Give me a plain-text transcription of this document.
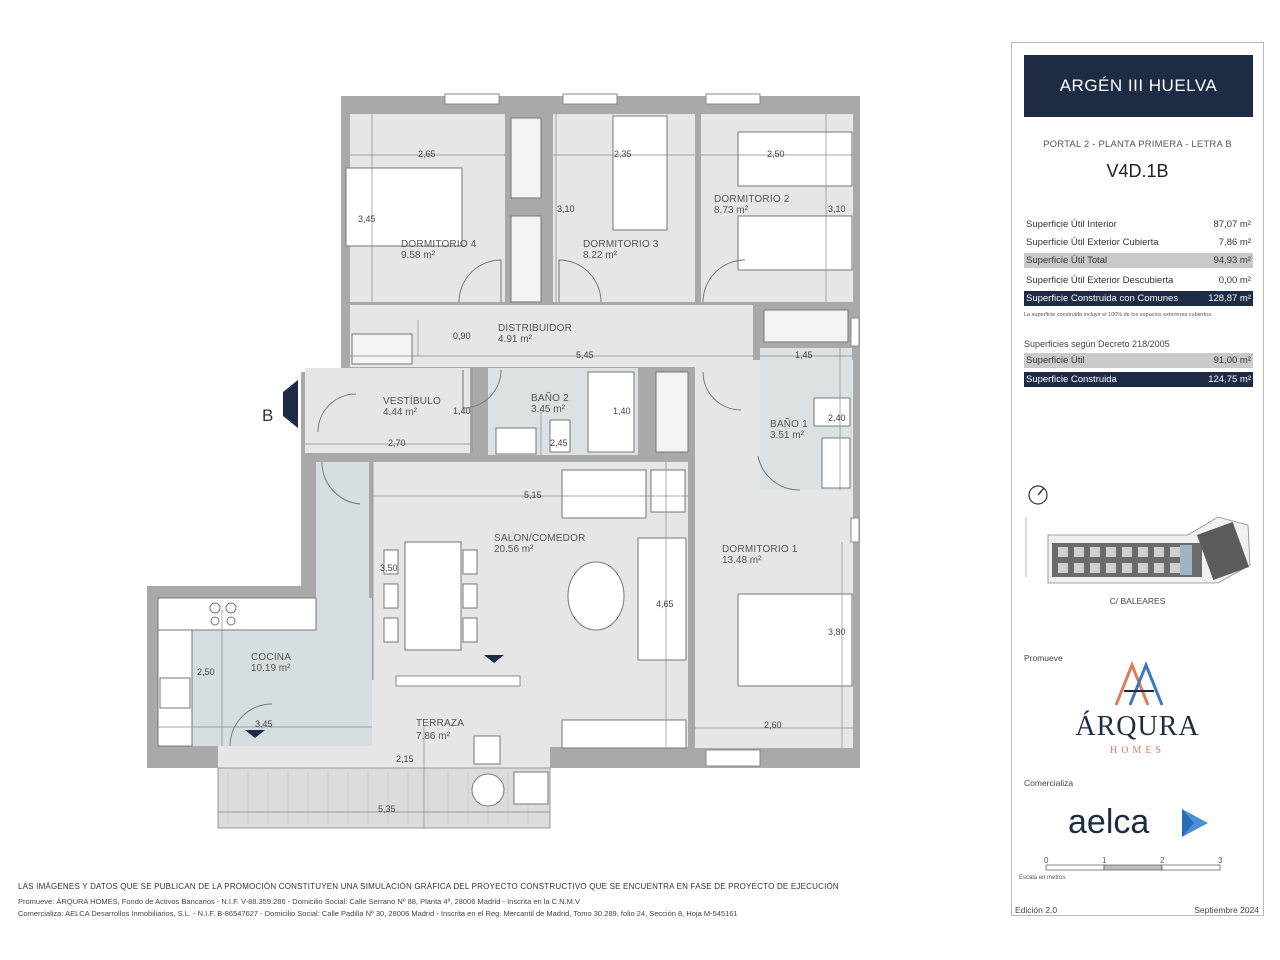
B
DORMITORIO 4
9.58 m²
DORMITORIO 3
8.22 m²
DORMITORIO 2
8.73 m²
DISTRIBUIDOR
4.91 m²
VESTÍBULO
4.44 m²
BAÑO 2
3.45 m²
BAÑO 1
3.51 m²
SALON/COMEDOR
20.56 m²	DORMITORIO 1
13.48 m²
COCINA
10.19 m²
TERRAZA
7.86 m²
2,65	2,35	2,50
3,45
3,10	3,10
0,90
5,45	1,45
1,40	1,40
2,40
2,70	2,45
5,15
3,50
4,65
3,80
2,50
3,45
2,15
5,35
2,60
LAS IMÁGENES Y DATOS QUE SE PUBLICAN DE LA PROMOCIÓN CONSTITUYEN UNA SIMULACIÓN GRÁFICA DEL PROYECTO CONSTRUCTIVO QUE SE ENCUENTRA EN FASE DE PROYECTO DE EJECUCIÓN
Promueve: ÁRQURA HOMES, Fondo de Activos Bancarios - N.I.F. V-88.359.286 - Domicilio Social: Calle Serrano Nº 88, Planta 4ª, 28006 Madrid - Inscrita en la C.N.M.V
Comercializa: AELCA Desarrollos Inmobiliarios, S.L. - N.I.F. B-86547627 - Domicilio Social: Calle Padilla Nº 30, 28006 Madrid - Inscrita en el Reg. Mercantil de Madrid, Tomo 30.289, folio 24, Sección 8, Hoja M-545161
ARGÉN III HUELVA
PORTAL 2 - PLANTA PRIMERA - LETRA B
V4D.1B
Superficie Útil Interior	87,07 m²
Superficie Útil Exterior Cubierta	7,86 m²
Superficie Útil Total	94,93 m²
Superficie Útil Exterior Descubierta	0,00 m²
Superficie Construida con Comunes	128,87 m²
La superficie construida incluye el 100% de los espacios exteriores cubiertos.
Superficies según Decreto 218/2005
Superficie Útil	91,00 m²
Superficie Construida	124,75 m²
C/ BALEARES
Promueve
ÁRQURA
HOMES
Comercializa
aelca
0	1	2	3
Escala en metros
Edición 2.0	Septiembre 2024
